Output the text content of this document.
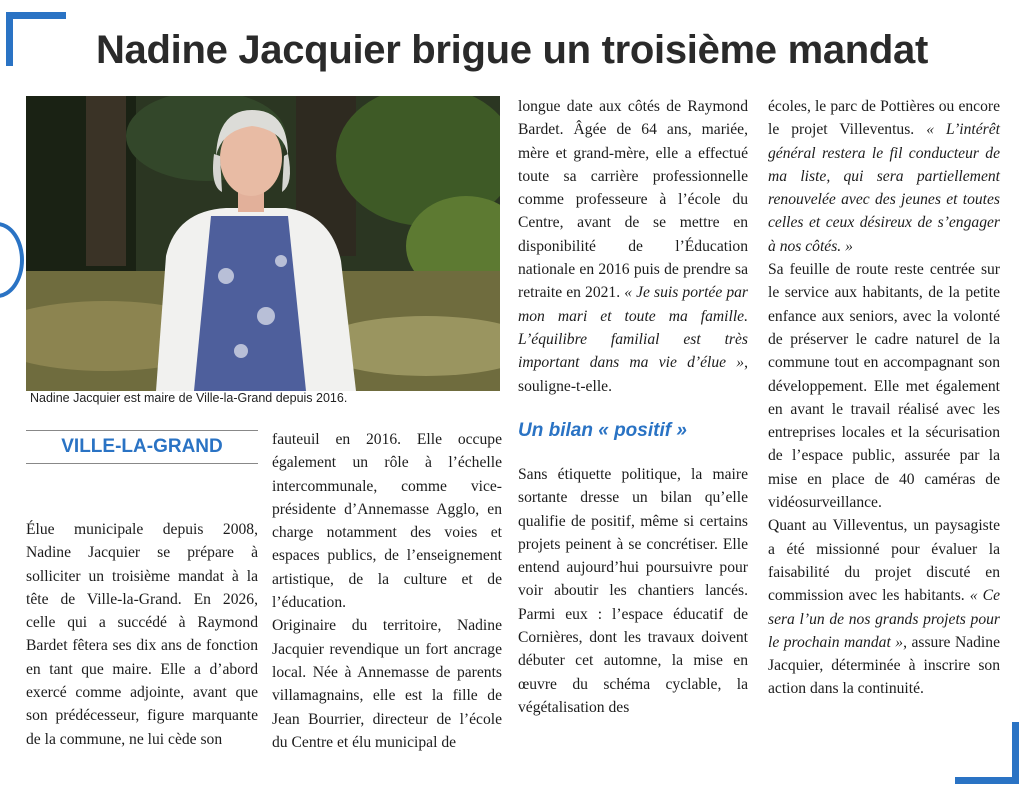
Nadine Jacquier brigue un troisième mandat
Nadine Jacquier est maire de Ville-la-Grand depuis 2016.
VILLE-LA-GRAND

Élue municipale depuis 2008, Nadine Jacquier se prépare à solliciter un troisième mandat à la tête de Ville-la-Grand. En 2026, celle qui a succédé à Raymond Bardet fêtera ses dix ans de fonction en tant que maire. Elle a d’abord exercé comme adjointe, avant que son prédécesseur, figure marquante de la commune, ne lui cède son

fauteuil en 2016. Elle occupe également un rôle à l’échelle intercommunale, comme vice-présidente d’Annemasse Agglo, en charge notamment des voies et espaces publics, de l’enseignement artistique, de la culture et de l’éducation.

Originaire du territoire, Nadine Jacquier revendique un fort ancrage local. Née à Annemasse de parents villamagnains, elle est la fille de Jean Bourrier, directeur de l’école du Centre et élu municipal de

longue date aux côtés de Raymond Bardet. Âgée de 64 ans, mariée, mère et grand-mère, elle a effectué toute sa carrière professionnelle comme professeure à l’école du Centre, avant de se mettre en disponibilité de l’Éducation nationale en 2016 puis de prendre sa retraite en 2021. « Je suis portée par mon mari et toute ma famille. L’équilibre familial est très important dans ma vie d’élue », souligne-t-elle.

Un bilan « positif »

Sans étiquette politique, la maire sortante dresse un bilan qu’elle qualifie de positif, même si certains projets peinent à se concrétiser. Elle entend aujourd’hui poursuivre pour voir aboutir les chantiers lancés. Parmi eux : l’espace éducatif de Cornières, dont les travaux doivent débuter cet automne, la mise en œuvre du schéma cyclable, la végétalisation des

écoles, le parc de Pottières ou encore le projet Villeventus. « L’intérêt général restera le fil conducteur de ma liste, qui sera partiellement renouvelée avec des jeunes et toutes celles et ceux désireux de s’engager à nos côtés. »

Sa feuille de route reste centrée sur le service aux habitants, de la petite enfance aux seniors, avec la volonté de préserver le cadre naturel de la commune tout en accompagnant son développement. Elle met également en avant le travail réalisé avec les entreprises locales et la sécurisation de l’espace public, assurée par la mise en place de 40 caméras de vidéosurveillance.

Quant au Villeventus, un paysagiste a été missionné pour évaluer la faisabilité du projet discuté en commission avec les habitants. « Ce sera l’un de nos grands projets pour le prochain mandat », assure Nadine Jacquier, déterminée à inscrire son action dans la continuité.
